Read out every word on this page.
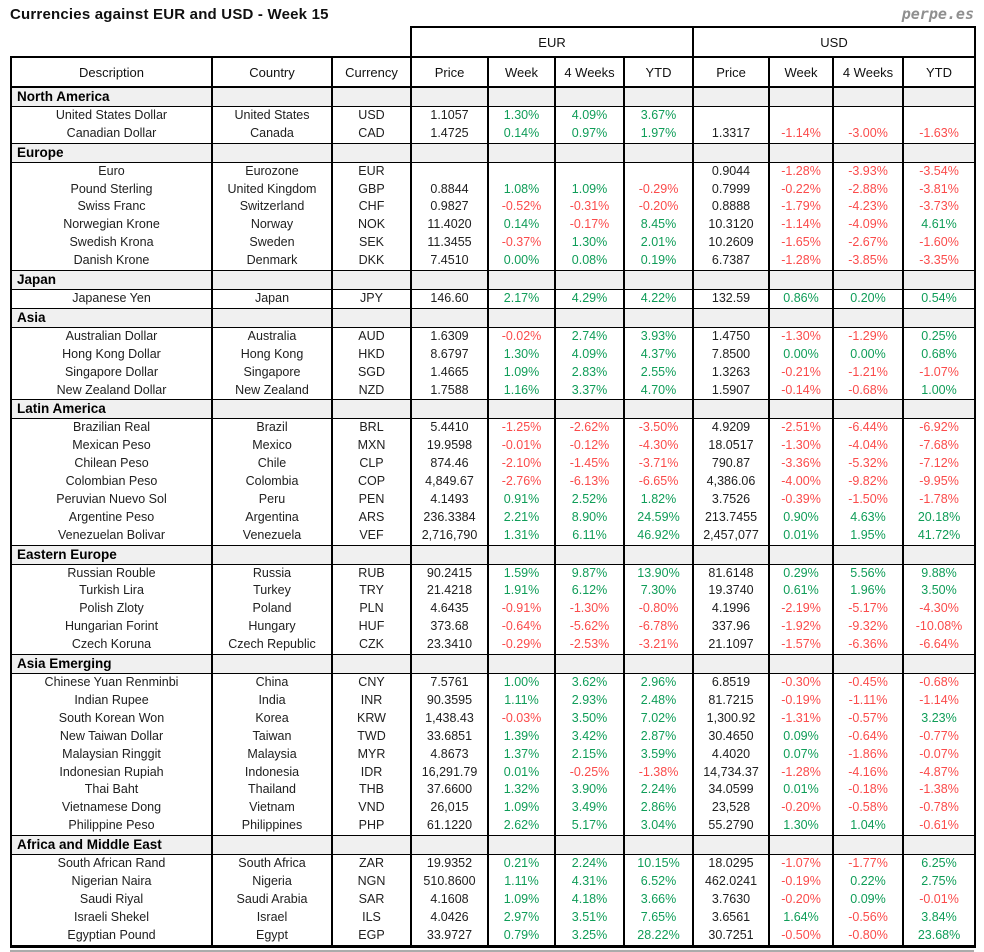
Currencies against EUR and USD - Week 15	perpe.es
			EUR				USD			
Description	Country	Currency	Price	Week	4 Weeks	YTD	Price	Week	4 Weeks	YTD
North America										
United States Dollar	United States	USD	1.1057	1.30%	4.09%	3.67%				
Canadian Dollar	Canada	CAD	1.4725	0.14%	0.97%	1.97%	1.3317	-1.14%	-3.00%	-1.63%
Europe										
Euro	Eurozone	EUR					0.9044	-1.28%	-3.93%	-3.54%
Pound Sterling	United Kingdom	GBP	0.8844	1.08%	1.09%	-0.29%	0.7999	-0.22%	-2.88%	-3.81%
Swiss Franc	Switzerland	CHF	0.9827	-0.52%	-0.31%	-0.20%	0.8888	-1.79%	-4.23%	-3.73%
Norwegian Krone	Norway	NOK	11.4020	0.14%	-0.17%	8.45%	10.3120	-1.14%	-4.09%	4.61%
Swedish Krona	Sweden	SEK	11.3455	-0.37%	1.30%	2.01%	10.2609	-1.65%	-2.67%	-1.60%
Danish Krone	Denmark	DKK	7.4510	0.00%	0.08%	0.19%	6.7387	-1.28%	-3.85%	-3.35%
Japan										
Japanese Yen	Japan	JPY	146.60	2.17%	4.29%	4.22%	132.59	0.86%	0.20%	0.54%
Asia										
Australian Dollar	Australia	AUD	1.6309	-0.02%	2.74%	3.93%	1.4750	-1.30%	-1.29%	0.25%
Hong Kong Dollar	Hong Kong	HKD	8.6797	1.30%	4.09%	4.37%	7.8500	0.00%	0.00%	0.68%
Singapore Dollar	Singapore	SGD	1.4665	1.09%	2.83%	2.55%	1.3263	-0.21%	-1.21%	-1.07%
New Zealand Dollar	New Zealand	NZD	1.7588	1.16%	3.37%	4.70%	1.5907	-0.14%	-0.68%	1.00%
Latin America										
Brazilian Real	Brazil	BRL	5.4410	-1.25%	-2.62%	-3.50%	4.9209	-2.51%	-6.44%	-6.92%
Mexican Peso	Mexico	MXN	19.9598	-0.01%	-0.12%	-4.30%	18.0517	-1.30%	-4.04%	-7.68%
Chilean Peso	Chile	CLP	874.46	-2.10%	-1.45%	-3.71%	790.87	-3.36%	-5.32%	-7.12%
Colombian Peso	Colombia	COP	4,849.67	-2.76%	-6.13%	-6.65%	4,386.06	-4.00%	-9.82%	-9.95%
Peruvian Nuevo Sol	Peru	PEN	4.1493	0.91%	2.52%	1.82%	3.7526	-0.39%	-1.50%	-1.78%
Argentine Peso	Argentina	ARS	236.3384	2.21%	8.90%	24.59%	213.7455	0.90%	4.63%	20.18%
Venezuelan Bolivar	Venezuela	VEF	2,716,790	1.31%	6.11%	46.92%	2,457,077	0.01%	1.95%	41.72%
Eastern Europe										
Russian Rouble	Russia	RUB	90.2415	1.59%	9.87%	13.90%	81.6148	0.29%	5.56%	9.88%
Turkish Lira	Turkey	TRY	21.4218	1.91%	6.12%	7.30%	19.3740	0.61%	1.96%	3.50%
Polish Zloty	Poland	PLN	4.6435	-0.91%	-1.30%	-0.80%	4.1996	-2.19%	-5.17%	-4.30%
Hungarian Forint	Hungary	HUF	373.68	-0.64%	-5.62%	-6.78%	337.96	-1.92%	-9.32%	-10.08%
Czech Koruna	Czech Republic	CZK	23.3410	-0.29%	-2.53%	-3.21%	21.1097	-1.57%	-6.36%	-6.64%
Asia Emerging										
Chinese Yuan Renminbi	China	CNY	7.5761	1.00%	3.62%	2.96%	6.8519	-0.30%	-0.45%	-0.68%
Indian Rupee	India	INR	90.3595	1.11%	2.93%	2.48%	81.7215	-0.19%	-1.11%	-1.14%
South Korean Won	Korea	KRW	1,438.43	-0.03%	3.50%	7.02%	1,300.92	-1.31%	-0.57%	3.23%
New Taiwan Dollar	Taiwan	TWD	33.6851	1.39%	3.42%	2.87%	30.4650	0.09%	-0.64%	-0.77%
Malaysian Ringgit	Malaysia	MYR	4.8673	1.37%	2.15%	3.59%	4.4020	0.07%	-1.86%	-0.07%
Indonesian Rupiah	Indonesia	IDR	16,291.79	0.01%	-0.25%	-1.38%	14,734.37	-1.28%	-4.16%	-4.87%
Thai Baht	Thailand	THB	37.6600	1.32%	3.90%	2.24%	34.0599	0.01%	-0.18%	-1.38%
Vietnamese Dong	Vietnam	VND	26,015	1.09%	3.49%	2.86%	23,528	-0.20%	-0.58%	-0.78%
Philippine Peso	Philippines	PHP	61.1220	2.62%	5.17%	3.04%	55.2790	1.30%	1.04%	-0.61%
Africa and Middle East										
South African Rand	South Africa	ZAR	19.9352	0.21%	2.24%	10.15%	18.0295	-1.07%	-1.77%	6.25%
Nigerian Naira	Nigeria	NGN	510.8600	1.11%	4.31%	6.52%	462.0241	-0.19%	0.22%	2.75%
Saudi Riyal	Saudi Arabia	SAR	4.1608	1.09%	4.18%	3.66%	3.7630	-0.20%	0.09%	-0.01%
Israeli Shekel	Israel	ILS	4.0426	2.97%	3.51%	7.65%	3.6561	1.64%	-0.56%	3.84%
Egyptian Pound	Egypt	EGP	33.9727	0.79%	3.25%	28.22%	30.7251	-0.50%	-0.80%	23.68%
